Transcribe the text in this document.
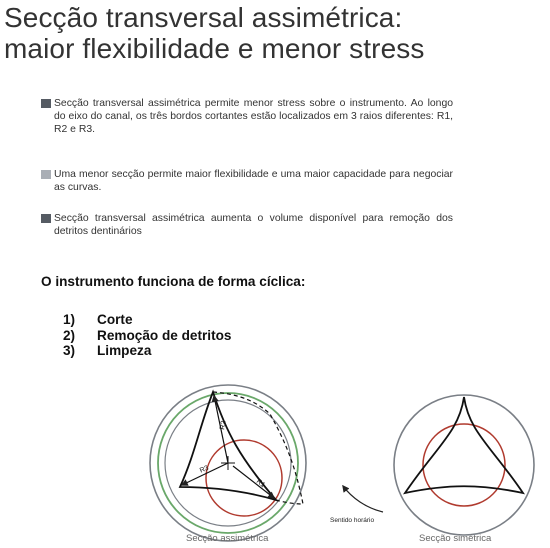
Secção transversal assimétrica:
maior flexibilidade e menor stress
Secção transversal assimétrica permite menor stress sobre o instrumento. Ao longo do eixo do canal, os três bordos cortantes estão localizados em 3 raios diferentes: R1, R2 e R3.
Uma menor secção permite maior flexibilidade e uma maior capacidade para negociar as curvas.
Secção transversal assimétrica aumenta o volume disponível para remoção dos detritos dentinários
O instrumento funciona de forma cíclica:
1) Corte
2) Remoção de detritos
3) Limpeza
R2
R3
R1
Sentido horário
Secção assimétrica	Secção simétrica
